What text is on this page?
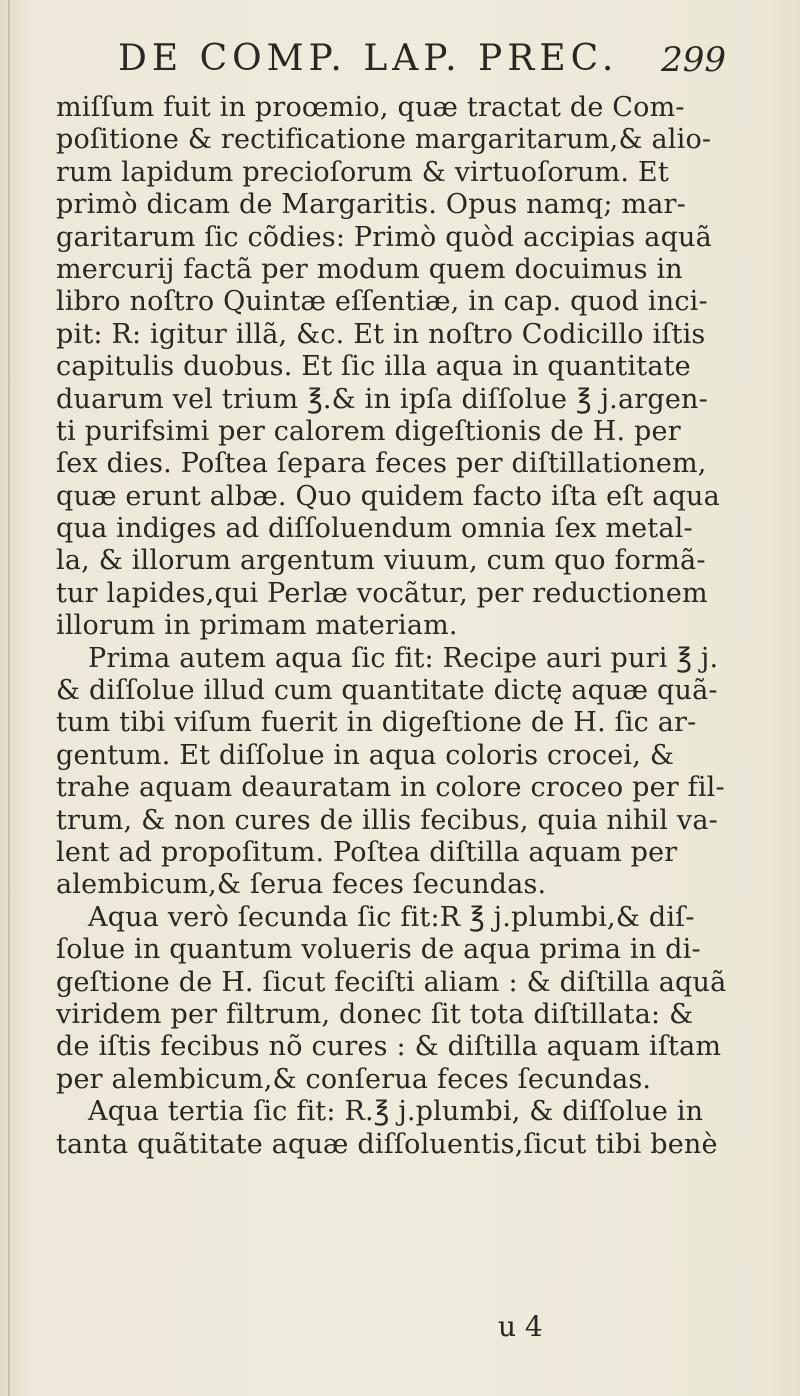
DE COMP. LAP. PREC. 299
miſſum fuit in proœmio, quæ tractat de Com-
poſitione & rectificatione margaritarum,& alio-
rum lapidum precioſorum & virtuoſorum. Et
primò dicam de Margaritis. Opus namq; mar-
garitarum ſic cõdies: Primò quòd accipias aquã
mercurij factã per modum quem docuimus in
libro noſtro Quintæ eſſentiæ, in cap. quod inci-
pit: R: igitur illã, &c. Et in noſtro Codicillo iſtis
capitulis duobus. Et ſic illa aqua in quantitate
duarum vel trium ℥.& in ipſa diſſolue ℥ j.argen-
ti purifsimi per calorem digeſtionis de H. per
ſex dies. Poſtea ſepara feces per diſtillationem,
quæ erunt albæ. Quo quidem facto iſta eſt aqua
qua indiges ad diſſoluendum omnia ſex metal-
la, & illorum argentum viuum, cum quo formã-
tur lapides,qui Perlæ vocãtur, per reductionem
illorum in primam materiam.
Prima autem aqua ſic fit: Recipe auri puri ℥ j.
& diſſolue illud cum quantitate dictę aquæ quã-
tum tibi viſum fuerit in digeſtione de H. ſic ar-
gentum. Et diſſolue in aqua coloris crocei, &
trahe aquam deauratam in colore croceo per fil-
trum, & non cures de illis fecibus, quia nihil va-
lent ad propoſitum. Poſtea diſtilla aquam per
alembicum,& ſerua feces ſecundas.
Aqua verò ſecunda ſic fit:R ℥ j.plumbi,& diſ-
ſolue in quantum volueris de aqua prima in di-
geſtione de H. ſicut feciſti aliam : & diſtilla aquã
viridem per filtrum, donec ſit tota diſtillata: &
de iſtis fecibus nõ cures : & diſtilla aquam iſtam
per alembicum,& conſerua feces ſecundas.
Aqua tertia ſic fit: R.℥ j.plumbi, & diſſolue in
tanta quãtitate aquæ diſſoluentis,ſicut tibi benè
u 4
